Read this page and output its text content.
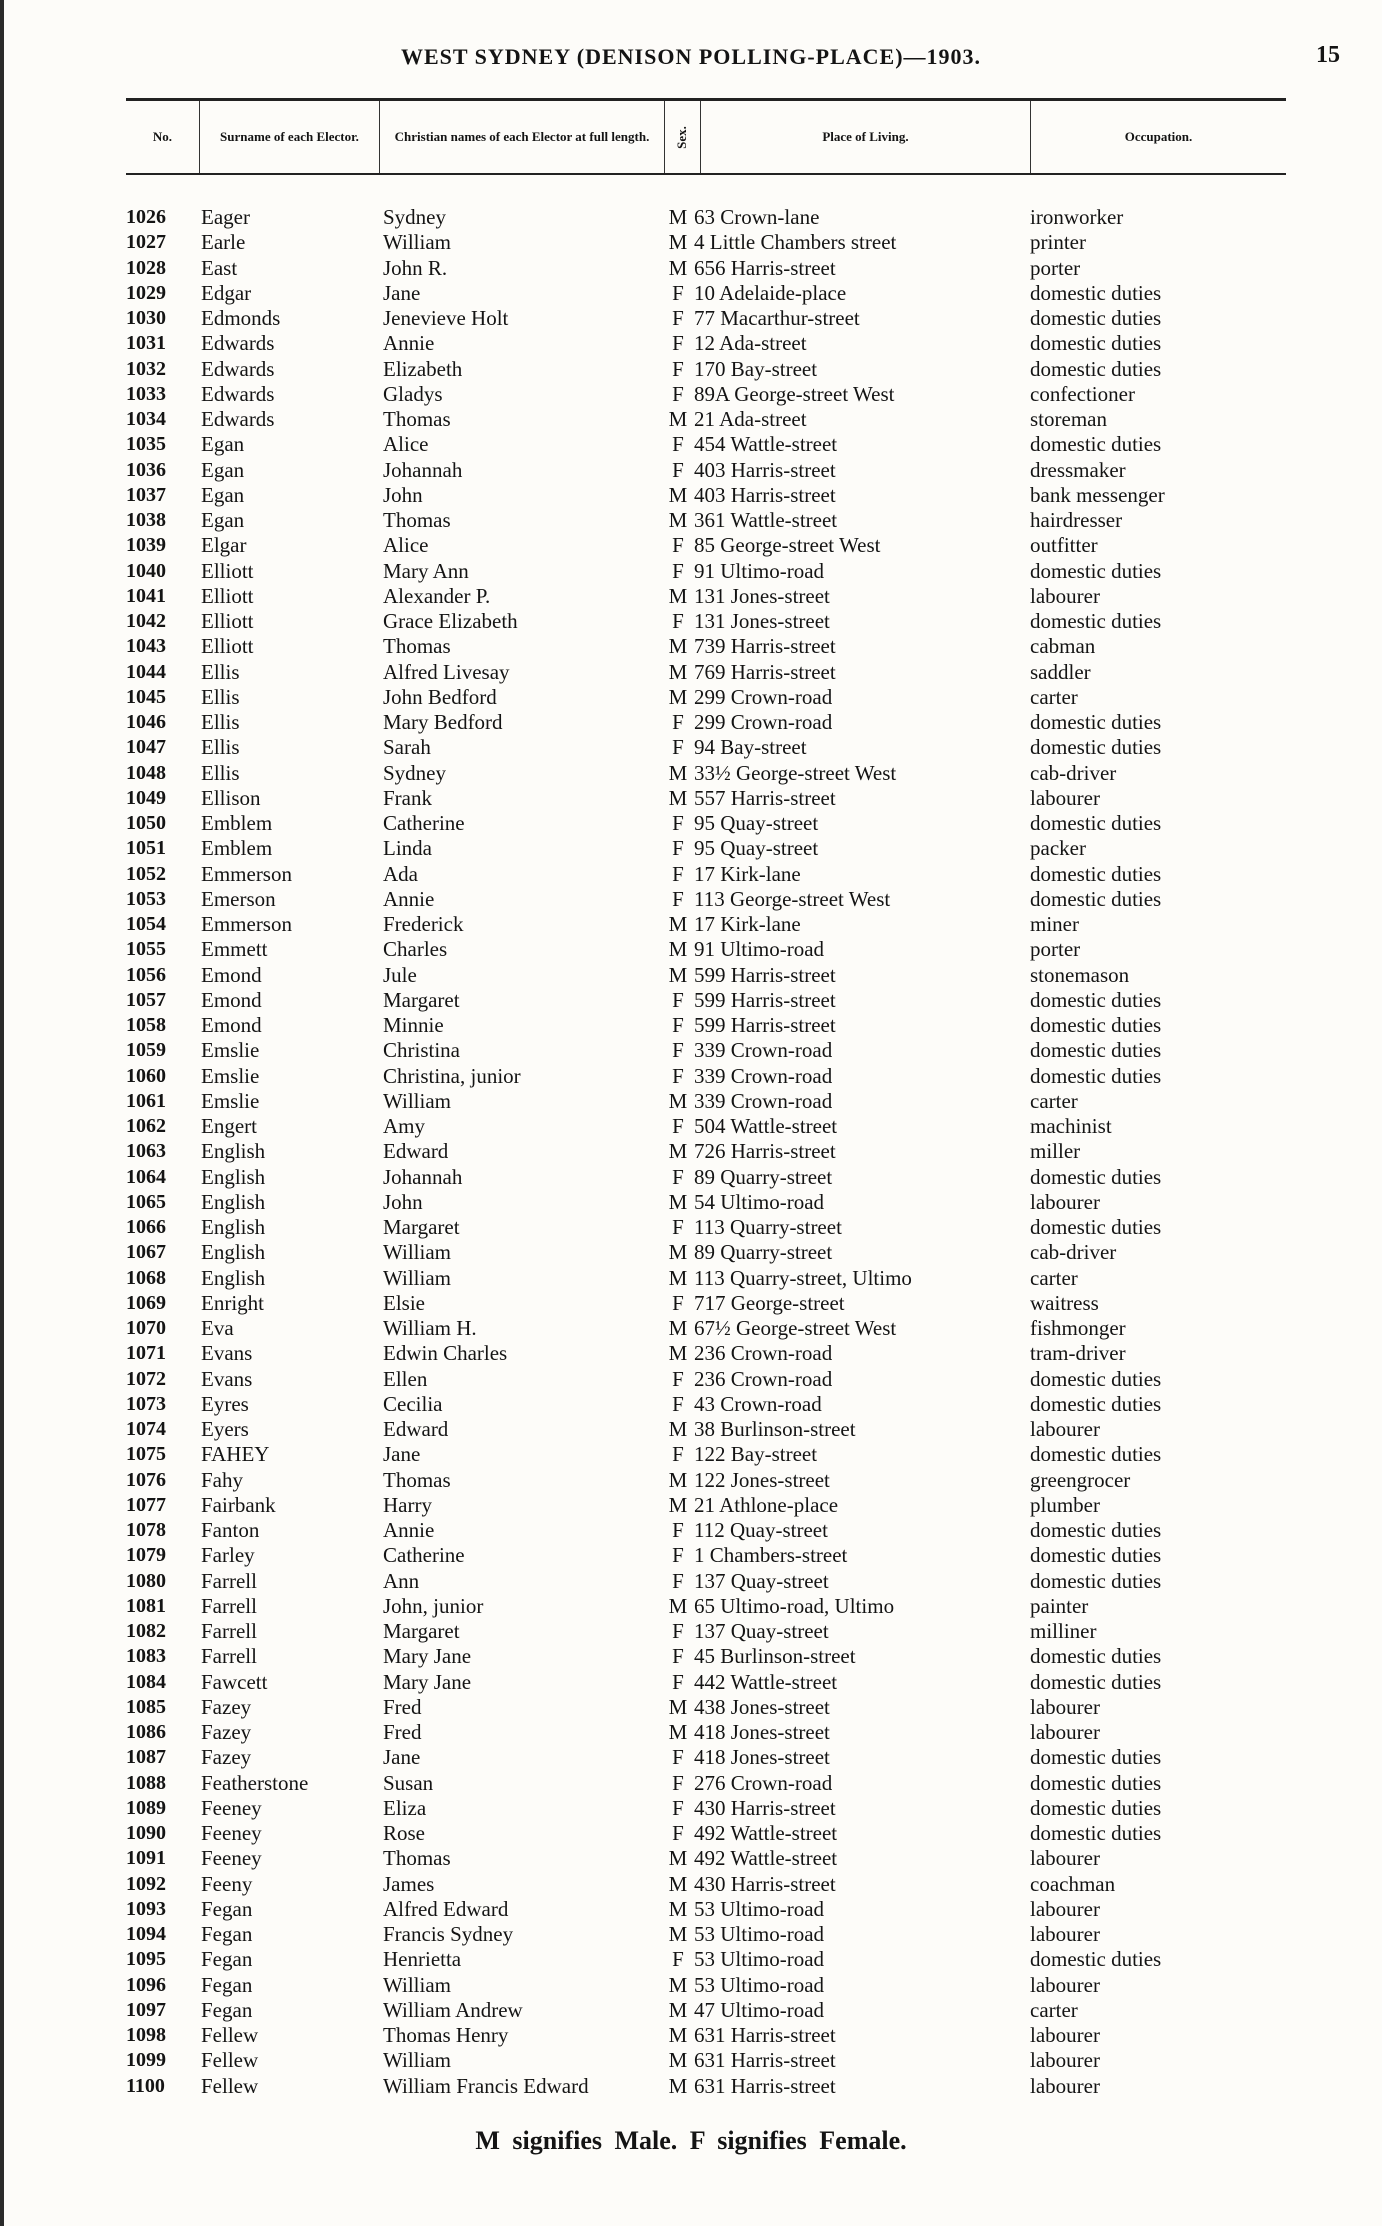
WEST SYDNEY (DENISON POLLING-PLACE)—1903.	15
No.	Surname of each Elector.	Christian names of each Elector at full length. Sex.	Place of Living.	Occupation.
1026	Eager	Sydney	M 63 Crown-lane	ironworker
1027	Earle	William	M 4 Little Chambers street	printer
1028	East	John R.	M 656 Harris-street	porter
1029	Edgar	Jane	F 10 Adelaide-place	domestic duties
1030	Edmonds	Jenevieve Holt	F 77 Macarthur-street	domestic duties
1031	Edwards	Annie	F 12 Ada-street	domestic duties
1032	Edwards	Elizabeth	F 170 Bay-street	domestic duties
1033	Edwards	Gladys	F 89A George-street West	confectioner
1034	Edwards	Thomas	M 21 Ada-street	storeman
1035	Egan	Alice	F 454 Wattle-street	domestic duties
1036	Egan	Johannah	F 403 Harris-street	dressmaker
1037	Egan	John	M 403 Harris-street	bank messenger
1038	Egan	Thomas	M 361 Wattle-street	hairdresser
1039	Elgar	Alice	F 85 George-street West	outfitter
1040	Elliott	Mary Ann	F 91 Ultimo-road	domestic duties
1041	Elliott	Alexander P.	M 131 Jones-street	labourer
1042	Elliott	Grace Elizabeth	F 131 Jones-street	domestic duties
1043	Elliott	Thomas	M 739 Harris-street	cabman
1044	Ellis	Alfred Livesay	M 769 Harris-street	saddler
1045	Ellis	John Bedford	M 299 Crown-road	carter
1046	Ellis	Mary Bedford	F 299 Crown-road	domestic duties
1047	Ellis	Sarah	F 94 Bay-street	domestic duties
1048	Ellis	Sydney	M 33½ George-street West	cab-driver
1049	Ellison	Frank	M 557 Harris-street	labourer
1050	Emblem	Catherine	F 95 Quay-street	domestic duties
1051	Emblem	Linda	F 95 Quay-street	packer
1052	Emmerson	Ada	F 17 Kirk-lane	domestic duties
1053	Emerson	Annie	F 113 George-street West	domestic duties
1054	Emmerson	Frederick	M 17 Kirk-lane	miner
1055	Emmett	Charles	M 91 Ultimo-road	porter
1056	Emond	Jule	M 599 Harris-street	stonemason
1057	Emond	Margaret	F 599 Harris-street	domestic duties
1058	Emond	Minnie	F 599 Harris-street	domestic duties
1059	Emslie	Christina	F 339 Crown-road	domestic duties
1060	Emslie	Christina, junior	F 339 Crown-road	domestic duties
1061	Emslie	William	M 339 Crown-road	carter
1062	Engert	Amy	F 504 Wattle-street	machinist
1063	English	Edward	M 726 Harris-street	miller
1064	English	Johannah	F 89 Quarry-street	domestic duties
1065	English	John	M 54 Ultimo-road	labourer
1066	English	Margaret	F 113 Quarry-street	domestic duties
1067	English	William	M 89 Quarry-street	cab-driver
1068	English	William	M 113 Quarry-street, Ultimo	carter
1069	Enright	Elsie	F 717 George-street	waitress
1070	Eva	William H.	M 67½ George-street West	fishmonger
1071	Evans	Edwin Charles	M 236 Crown-road	tram-driver
1072	Evans	Ellen	F 236 Crown-road	domestic duties
1073	Eyres	Cecilia	F 43 Crown-road	domestic duties
1074	Eyers	Edward	M 38 Burlinson-street	labourer
1075	FAHEY	Jane	F 122 Bay-street	domestic duties
1076	Fahy	Thomas	M 122 Jones-street	greengrocer
1077	Fairbank	Harry	M 21 Athlone-place	plumber
1078	Fanton	Annie	F 112 Quay-street	domestic duties
1079	Farley	Catherine	F 1 Chambers-street	domestic duties
1080	Farrell	Ann	F 137 Quay-street	domestic duties
1081	Farrell	John, junior	M 65 Ultimo-road, Ultimo	painter
1082	Farrell	Margaret	F 137 Quay-street	milliner
1083	Farrell	Mary Jane	F 45 Burlinson-street	domestic duties
1084	Fawcett	Mary Jane	F 442 Wattle-street	domestic duties
1085	Fazey	Fred	M 438 Jones-street	labourer
1086	Fazey	Fred	M 418 Jones-street	labourer
1087	Fazey	Jane	F 418 Jones-street	domestic duties
1088	Featherstone	Susan	F 276 Crown-road	domestic duties
1089	Feeney	Eliza	F 430 Harris-street	domestic duties
1090	Feeney	Rose	F 492 Wattle-street	domestic duties
1091	Feeney	Thomas	M 492 Wattle-street	labourer
1092	Feeny	James	M 430 Harris-street	coachman
1093	Fegan	Alfred Edward	M 53 Ultimo-road	labourer
1094	Fegan	Francis Sydney	M 53 Ultimo-road	labourer
1095	Fegan	Henrietta	F 53 Ultimo-road	domestic duties
1096	Fegan	William	M 53 Ultimo-road	labourer
1097	Fegan	William Andrew	M 47 Ultimo-road	carter
1098	Fellew	Thomas Henry	M 631 Harris-street	labourer
1099	Fellew	William	M 631 Harris-street	labourer
1100	Fellew	William Francis Edward	M 631 Harris-street	labourer
M signifies Male. F signifies Female.
